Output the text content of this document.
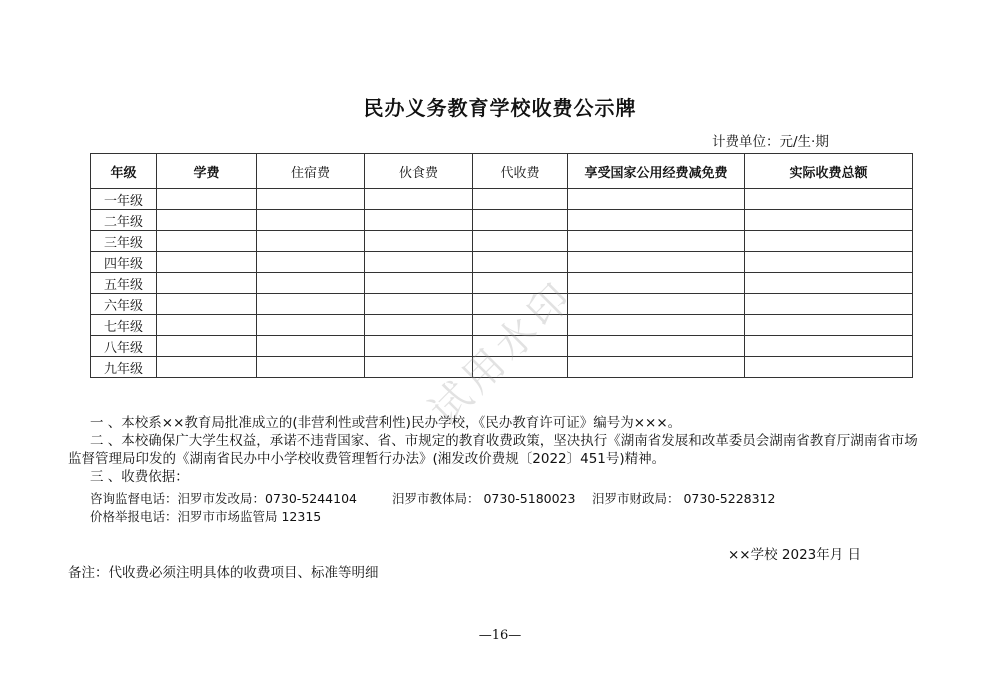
民办义务教育学校收费公示牌
计费单位：元/生·期
年级	学费	住宿费	伙食费	代收费	享受国家公用经费减免费	实际收费总额
一年级						
二年级						
三年级						
四年级						
五年级						
六年级						
七年级						
八年级						
九年级						

一 、本校系××教育局批准成立的(非营利性或营利性)民办学校，《民办教育许可证》编号为×××。

二 、本校确保广大学生权益，承诺不违背国家、省、市规定的教育收费政策，坚决执行《湖南省发展和改革委员会湖南省教育厅湖南省市场监督管理局印发的《湖南省民办中小学校收费管理暂行办法》(湘发改价费规〔2022〕451号)精神。

三 、收费依据：

咨询监督电话：汨罗市发改局：0730-5244104	汨罗市教体局： 0730-5180023 汨罗市财政局： 0730-5228312
价格举报电话：汨罗市市场监管局 12315
××学校 2023年月 日
备注：代收费必须注明具体的收费项目、标准等明细
—16—
试用水印
